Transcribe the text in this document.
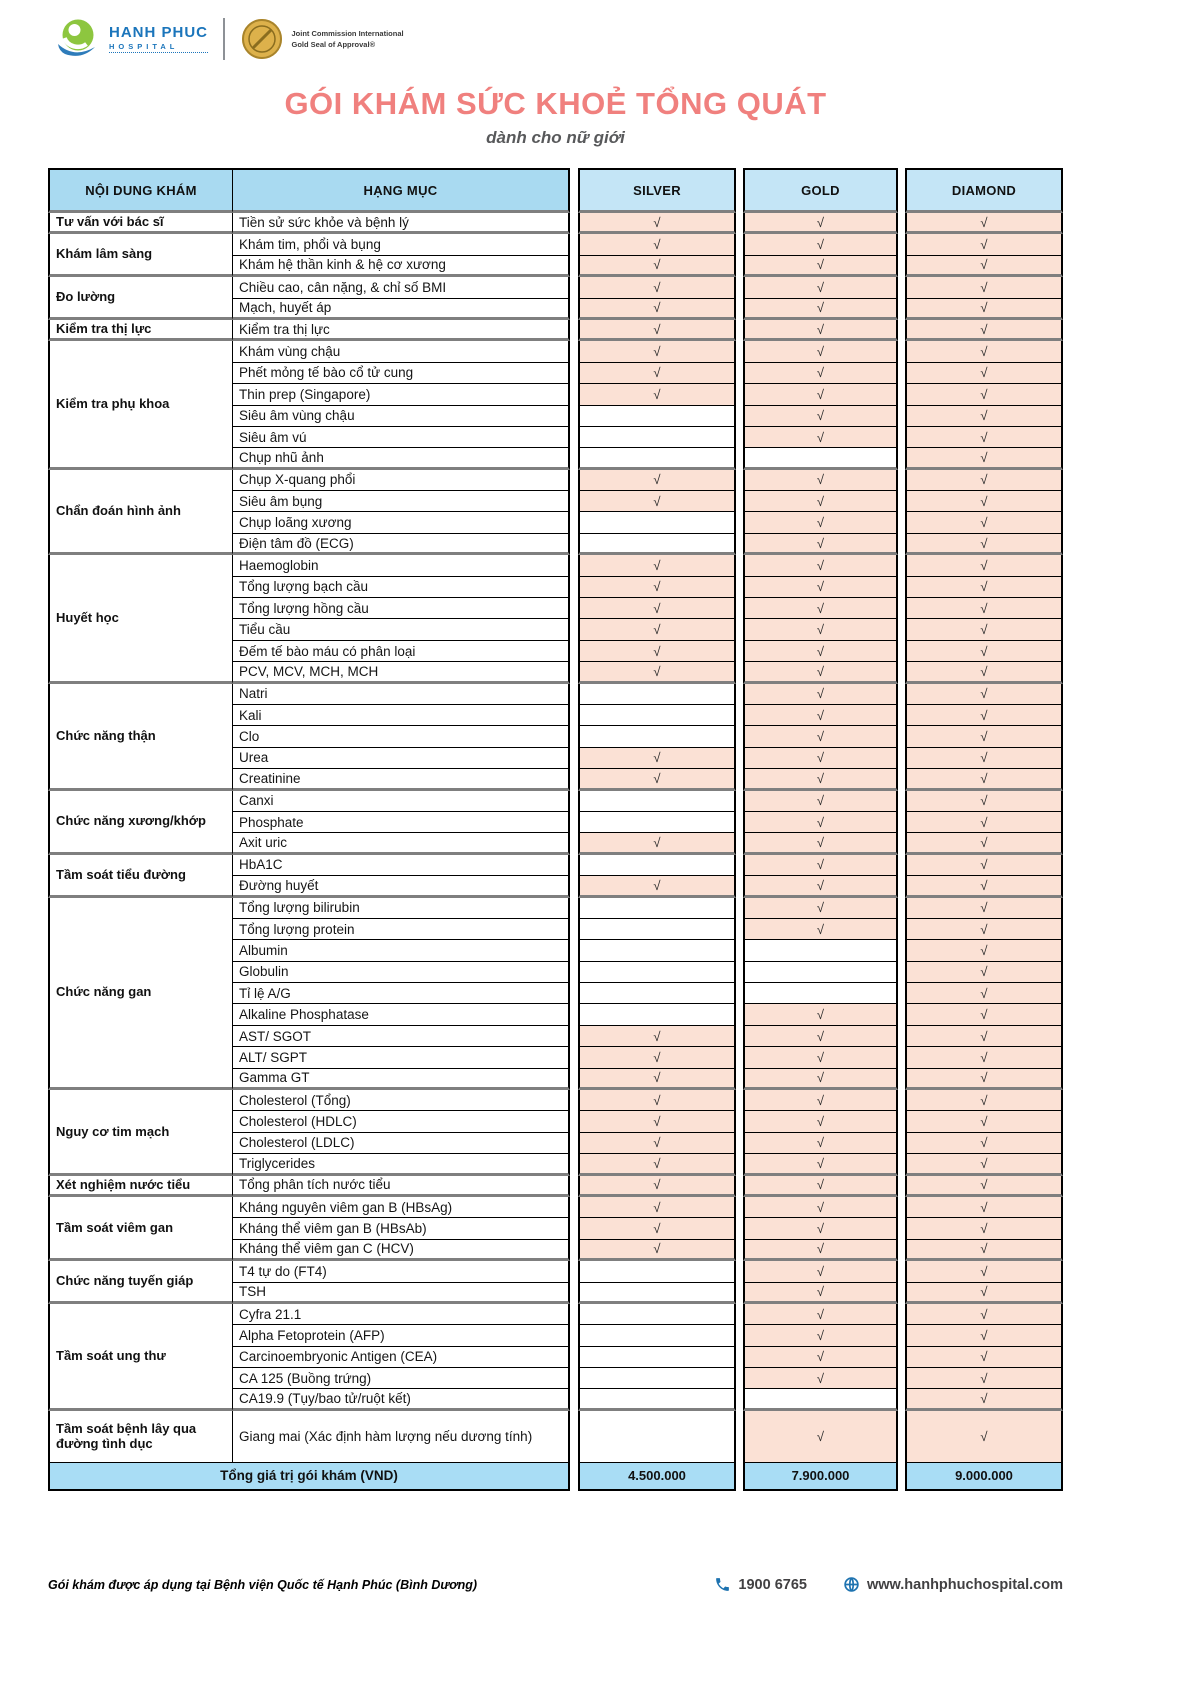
HANH PHUC
HOSPITAL
Joint Commission International
Gold Seal of Approval®
GÓI KHÁM SỨC KHOẺ TỔNG QUÁT
dành cho nữ giới
NỘI DUNG KHÁM	HẠNG MỤC		SILVER		GOLD		DIAMOND
Tư vấn với bác sĩ	Tiền sử sức khỏe và bệnh lý		√		√		√
Khám lâm sàng	Khám tim, phổi và bụng		√		√		√
	Khám hệ thần kinh & hệ cơ xương		√		√		√
Đo lường	Chiều cao, cân nặng, & chỉ số BMI		√		√		√
	Mạch, huyết áp		√		√		√
Kiểm tra thị lực	Kiểm tra thị lực		√		√		√
Kiểm tra phụ khoa	Khám vùng chậu		√		√		√
	Phết mỏng tế bào cổ tử cung		√		√		√
	Thin prep (Singapore)		√		√		√
	Siêu âm vùng chậu				√		√
	Siêu âm vú				√		√
	Chụp nhũ ảnh						√
Chẩn đoán hình ảnh	Chụp X-quang phổi		√		√		√
	Siêu âm bụng		√		√		√
	Chụp loãng xương				√		√
	Điện tâm đồ (ECG)				√		√
Huyết học	Haemoglobin		√		√		√
	Tổng lượng bạch cầu		√		√		√
	Tổng lượng hồng cầu		√		√		√
	Tiểu cầu		√		√		√
	Đếm tế bào máu có phân loại		√		√		√
	PCV, MCV, MCH, MCH		√		√		√
Chức năng thận	Natri				√		√
	Kali				√		√
	Clo				√		√
	Urea		√		√		√
	Creatinine		√		√		√
Chức năng xương/khớp	Canxi				√		√
	Phosphate				√		√
	Axit uric		√		√		√
Tầm soát tiểu đường	HbA1C				√		√
	Đường huyết		√		√		√
Chức năng gan	Tổng lượng bilirubin				√		√
	Tổng lượng protein				√		√
	Albumin						√
	Globulin						√
	Tỉ lệ A/G						√
	Alkaline Phosphatase				√		√
	AST/ SGOT		√		√		√
	ALT/ SGPT		√		√		√
	Gamma GT		√		√		√
Nguy cơ tim mạch	Cholesterol (Tổng)		√		√		√
	Cholesterol (HDLC)		√		√		√
	Cholesterol (LDLC)		√		√		√
	Triglycerides		√		√		√
Xét nghiệm nước tiểu	Tổng phân tích nước tiểu		√		√		√
Tầm soát viêm gan	Kháng nguyên viêm gan B (HBsAg)		√		√		√
	Kháng thể viêm gan B (HBsAb)		√		√		√
	Kháng thể viêm gan C (HCV)		√		√		√
Chức năng tuyến giáp	T4 tự do (FT4)				√		√
	TSH				√		√
Tầm soát ung thư	Cyfra 21.1				√		√
	Alpha Fetoprotein (AFP)				√		√
	Carcinoembryonic Antigen (CEA)				√		√
	CA 125 (Buồng trứng)				√		√
	CA19.9 (Tụy/bao tử/ruột kết)						√
Tầm soát bệnh lây qua đường tình dục	Giang mai (Xác định hàm lượng nếu dương tính)				√		√
Tổng giá trị gói khám (VND)			4.500.000		7.900.000		9.000.000
Gói khám được áp dụng tại Bệnh viện Quốc tế Hạnh Phúc (Bình Dương)	1900 6765	www.hanhphuchospital.com
